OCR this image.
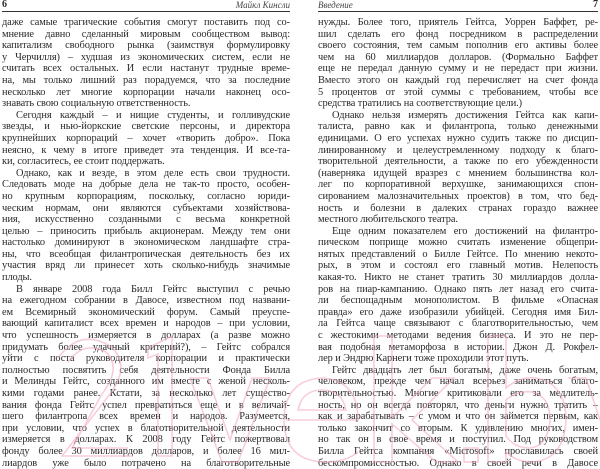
6	Майкл Кинсли
даже самые трагические события смогут поставить под со-
мнение давно сделанный мировым сообществом вывод:
капитализм свободного рынка (заимствуя формулировку
у Черчилля) – худшая из экономических систем, если не
считать всех остальных. И если настанут трудные време-
на, мы только лишний раз порадуемся, что за последние
несколько лет многие корпорации начали наконец осо-
знавать свою социальную ответственность.
Сегодня каждый – и нищие студенты, и голливудские
звезды, и нью-йоркские светские персоны, и директора
крупнейших корпораций – хочет «творить добро». Пока
неясно, к чему в итоге приведет эта тенденция. И все-та-
ки, согласитесь, ее стоит поддержать.
Однако, как и везде, в этом деле есть свои трудности.
Следовать моде на добрые дела не так-то просто, особен-
но крупным корпорациям, поскольку, согласно юриди-
ческим нормам, они являются субъектами хозяйствова-
ния, искусственно созданными с весьма конкретной
целью – приносить прибыль акционерам. Между тем они
настолько доминируют в экономическом ландшафте стра-
ны, что всеобщая филантропическая деятельность без их
участия вряд ли принесет хоть сколько-нибудь значимые
плоды.
В январе 2008 года Билл Гейтс выступил с речью
на ежегодном собрании в Давосе, известном под названи-
ем Всемирный экономический форум. Самый преуспе-
вающий капиталист всех времен и народов – при условии,
что успешность измеряется в долларах (а разве можно
придумать более удачный критерий?), – Гейтс собрался
уйти с поста руководителя корпорации и практически
полностью посвятить себя деятельности Фонда Билла
и Мелинды Гейтс, созданного им вместе с женой несколь-
кими годами ранее. Кстати, за несколько лет существо-
вания фонда Гейтс успел превратиться еще и в величай-
шего филантропа всех времен и народов. Разумеется,
при условии, что успех в благотворительной деятельности
измеряется в долларах. К 2008 году Гейтс пожертвовал
фонду более 30 миллиардов долларов, и более 16 мил-
лиардов уже было потрачено на благотворительные
Введение	7
нужды. Более того, приятель Гейтса, Уоррен Баффет, ре-
шил сделать его фонд посредником в распределении
своего состояния, тем самым пополнив его активы более
чем на 60 миллиардов долларов. (Формально Баффет
еще не передал данную сумму и не передаст при жизни.
Вместо этого он каждый год перечисляет на счет фонда
5 процентов от этой суммы с требованием, чтобы все
средства тратились на соответствующие цели.)
Однако нельзя измерять достижения Гейтса как капи-
талиста, равно как и филантропа, только денежными
единицами. О его успехах нужно судить также по дисцип-
линированному и целеустремленному подходу к благо-
творительной деятельности, а также по его убежденности
(наверняка идущей вразрез с мнением большинства кол-
лег по корпоративной верхушке, занимающихся спон-
сированием малозначительных проектов) в том, что бед-
ность и болезни в далеких странах гораздо важнее
местного любительского театра.
Еще одним показателем его достижений на филантро-
пическом поприще можно считать изменение общепри-
нятых представлений о Билле Гейтсе. По мнению некото-
рых, в этом и состоял его главный мотив. Нелепость
какая-то. Никто не станет тратить 30 миллиардов долла-
ров на пиар-кампанию. Однако пять лет назад его счита-
ли беспощадным монополистом. В фильме «Опасная
правда» его даже изобразили убийцей. Сегодня имя Бил-
ла Гейтса чаще связывают с благотворительностью, чем
с жестокими методами ведения бизнеса. И это не пер-
вая подобная метаморфоза в истории. Джон Д. Рокфел-
лер и Эндрю Карнеги тоже проходили этот путь.
Гейтс двадцать лет был богатым, даже очень богатым,
человеком, прежде чем начал всерьез заниматься благо-
творительностью. Многие критиковали его за медлитель-
ность, но он всегда повторял, что деньги нужно тратить –
как и зарабатывать – с умом и что он займется первым, как
только закончит со вторым. К удивлению многих, имен-
но так он в свое время и поступил. Под руководством
Билла Гейтса компания «Microsoft» прославилась своей
бескомпромиссностью. Однако в своей речи в Давосе
